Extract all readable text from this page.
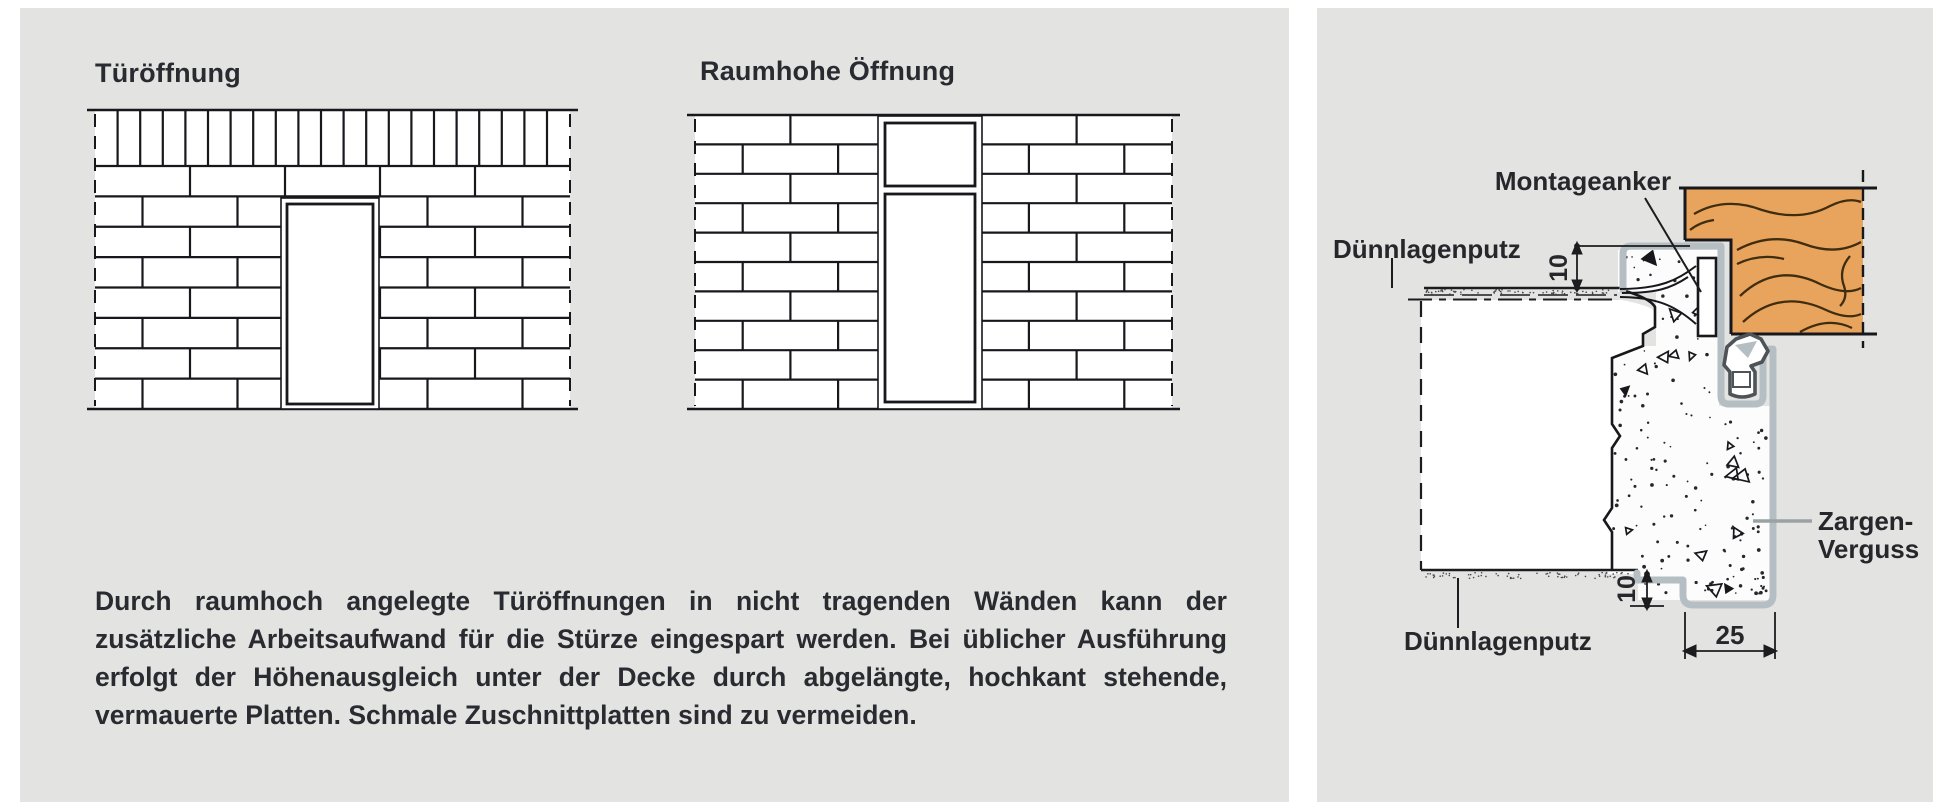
Türöffnung	Raumhohe Öffnung
Durch raumhoch angelegte Türöffnungen in nicht tragenden Wänden kann der
zusätzliche Arbeitsaufwand für die Stürze eingespart werden. Bei üblicher Ausführung
erfolgt der Höhenausgleich unter der Decke durch abgelängte, hochkant stehende,
vermauerte Platten. Schmale Zuschnittplatten sind zu vermeiden.
Montageanker
Dünnlagenputz
Dünnlagenputz
Zargen-
Verguss
10
10
25
